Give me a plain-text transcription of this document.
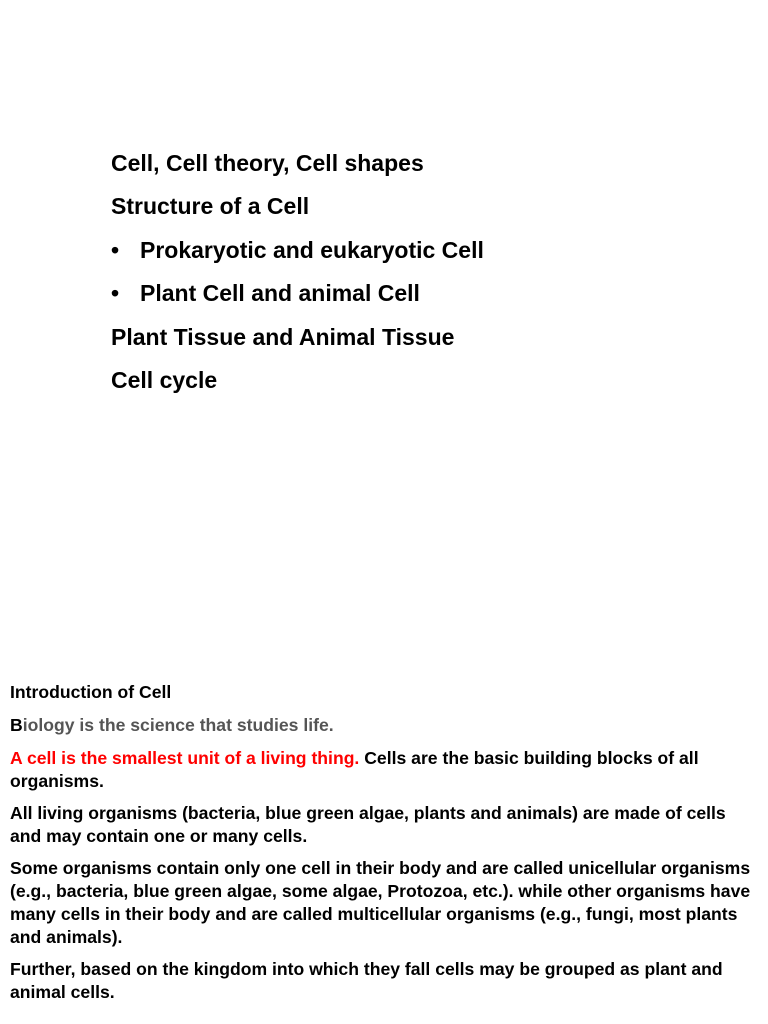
Cell, Cell theory, Cell shapes
Structure of a Cell
• Prokaryotic and eukaryotic Cell
• Plant Cell and animal Cell
Plant Tissue and Animal Tissue
Cell cycle

Introduction of Cell

Biology is the science that studies life.

A cell is the smallest unit of a living thing. Cells are the basic building blocks of all organisms.

All living organisms (bacteria, blue green algae, plants and animals) are made of cells and may contain one or many cells.

Some organisms contain only one cell in their body and are called unicellular organisms (e.g., bacteria, blue green algae, some algae, Protozoa, etc.). while other organisms have many cells in their body and are called multicellular organisms (e.g., fungi, most plants and animals).

Further, based on the kingdom into which they fall cells may be grouped as plant and animal cells.
